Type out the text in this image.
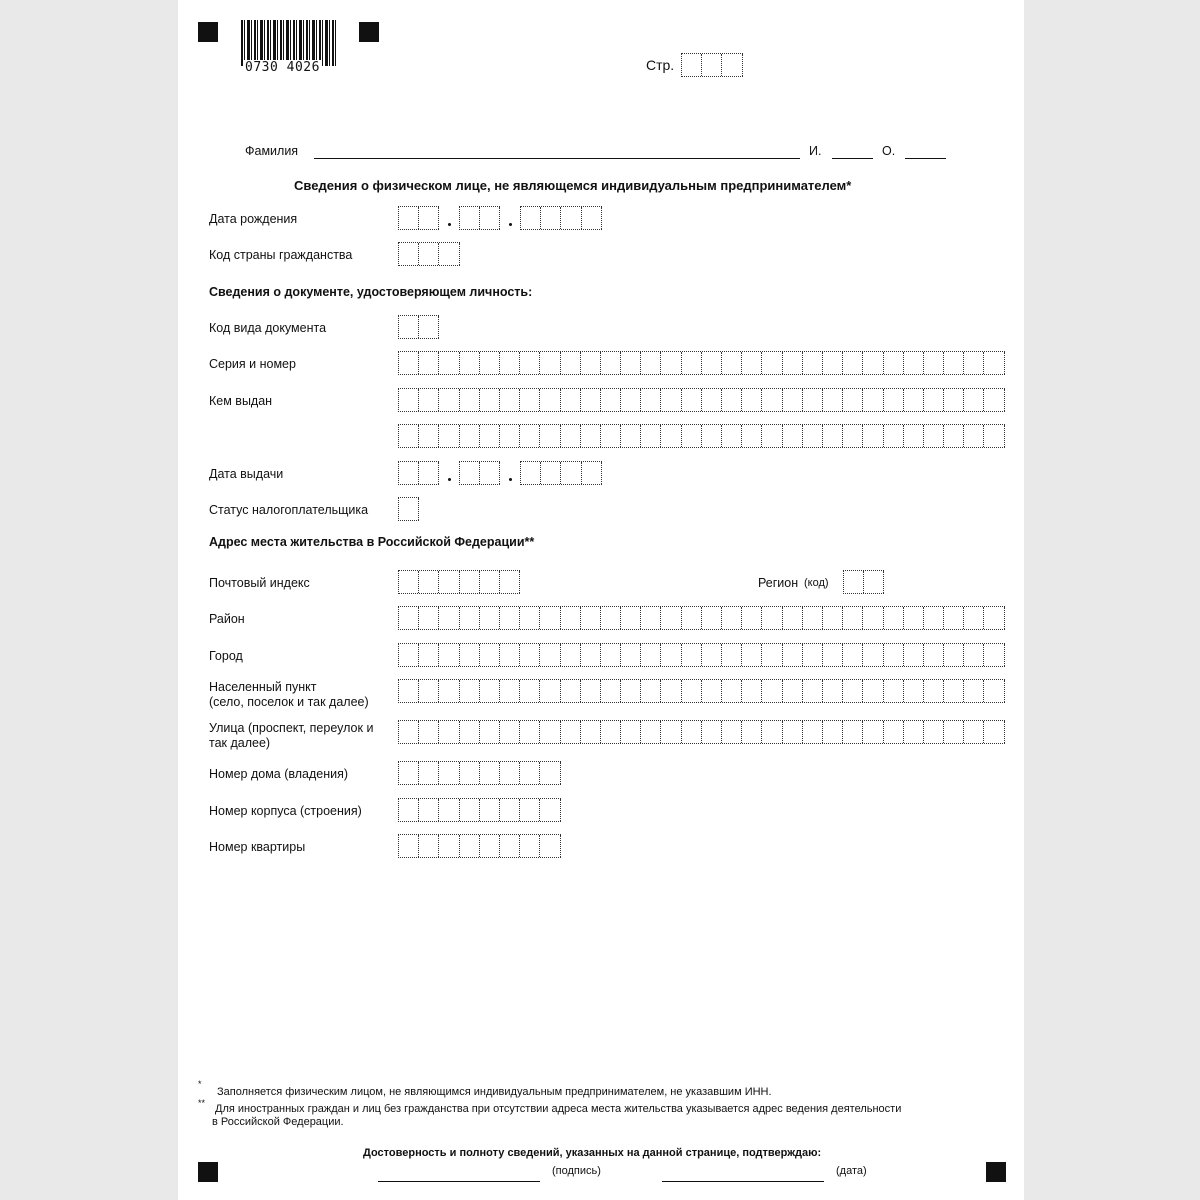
0730 4026	Стр.
Фамилия	И.	О.
Сведения о физическом лице, не являющемся индивидуальным предпринимателем*
Дата рождения
Код страны гражданства
Сведения о документе, удостоверяющем личность:
Код вида документа
Серия и номер
Кем выдан
Дата выдачи
Статус налогоплательщика
Адрес места жительства в Российской Федерации**
Почтовый индекс	Регион (код)
Район
Город
Населенный пункт
(село, поселок и так далее)
Улица (проспект, переулок и
так далее)
Номер дома (владения)
Номер корпуса (строения)
Номер квартиры
*
Заполняется физическим лицом, не являющимся индивидуальным предпринимателем, не указавшим ИНН.
** Для иностранных граждан и лиц без гражданства при отсутствии адреса места жительства указывается адрес ведения деятельности
в Российской Федерации.
Достоверность и полноту сведений, указанных на данной странице, подтверждаю:
(подпись)	(дата)
